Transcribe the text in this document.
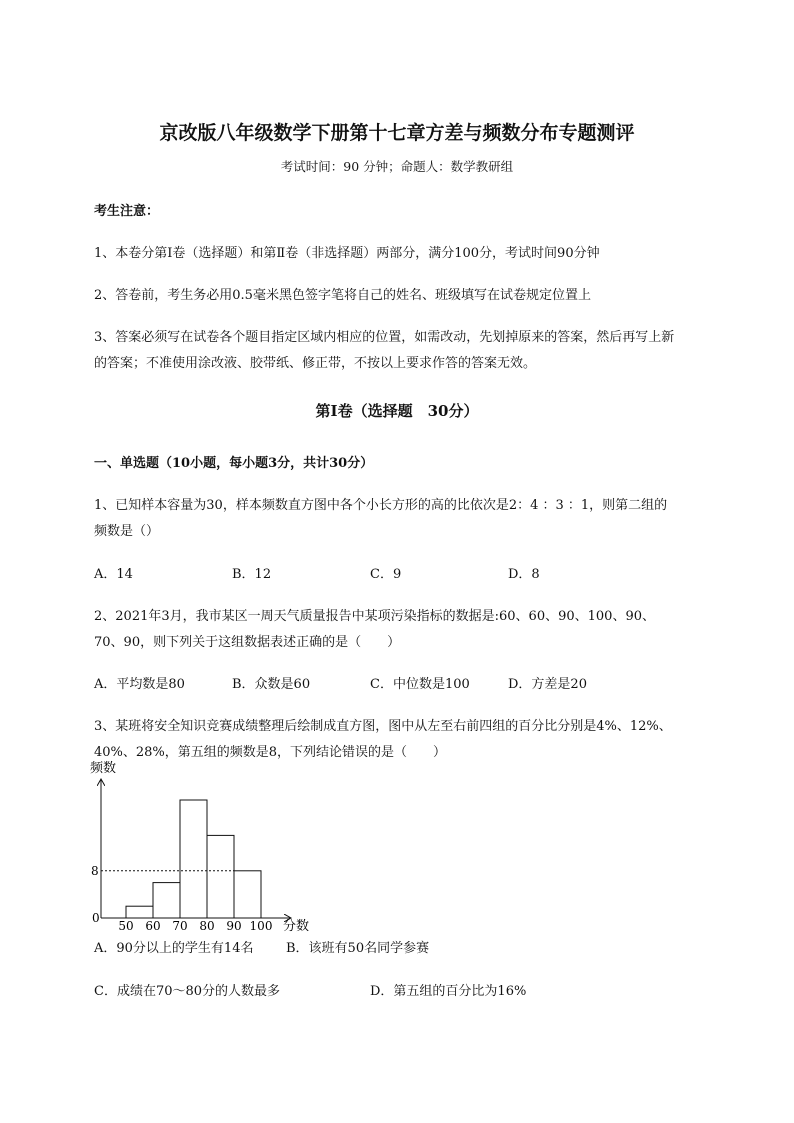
京改版八年级数学下册第十七章方差与频数分布专题测评
考试时间：90 分钟；命题人：数学教研组
考生注意：
1、本卷分第Ⅰ卷（选择题）和第Ⅱ卷（非选择题）两部分，满分100分，考试时间90分钟
2、答卷前，考生务必用0.5毫米黑色签字笔将自己的姓名、班级填写在试卷规定位置上
3、答案必须写在试卷各个题目指定区域内相应的位置，如需改动，先划掉原来的答案，然后再写上新
的答案；不准使用涂改液、胶带纸、修正带，不按以上要求作答的答案无效。
第Ⅰ卷（选择题　30分）
一、单选题（10小题，每小题3分，共计30分）
1、已知样本容量为30，样本频数直方图中各个小长方形的高的比依次是2：4 ：3 ：1，则第二组的
频数是（）
A．14	B．12	C．9	D．8
2、2021年3月，我市某区一周天气质量报告中某项污染指标的数据是:60、60、90、100、90、
70、90，则下列关于这组数据表述正确的是（　　）
A．平均数是80	B．众数是60	C．中位数是100	D．方差是20
3、某班将安全知识竞赛成绩整理后绘制成直方图，图中从左至右前四组的百分比分别是4%、12%、
40%、28%，第五组的频数是8，下列结论错误的是（　　）
频数
8
0
50 60 70 80 90 100 分数
A．90分以上的学生有14名	B．该班有50名同学参赛
C．成绩在70～80分的人数最多	D．第五组的百分比为16%
